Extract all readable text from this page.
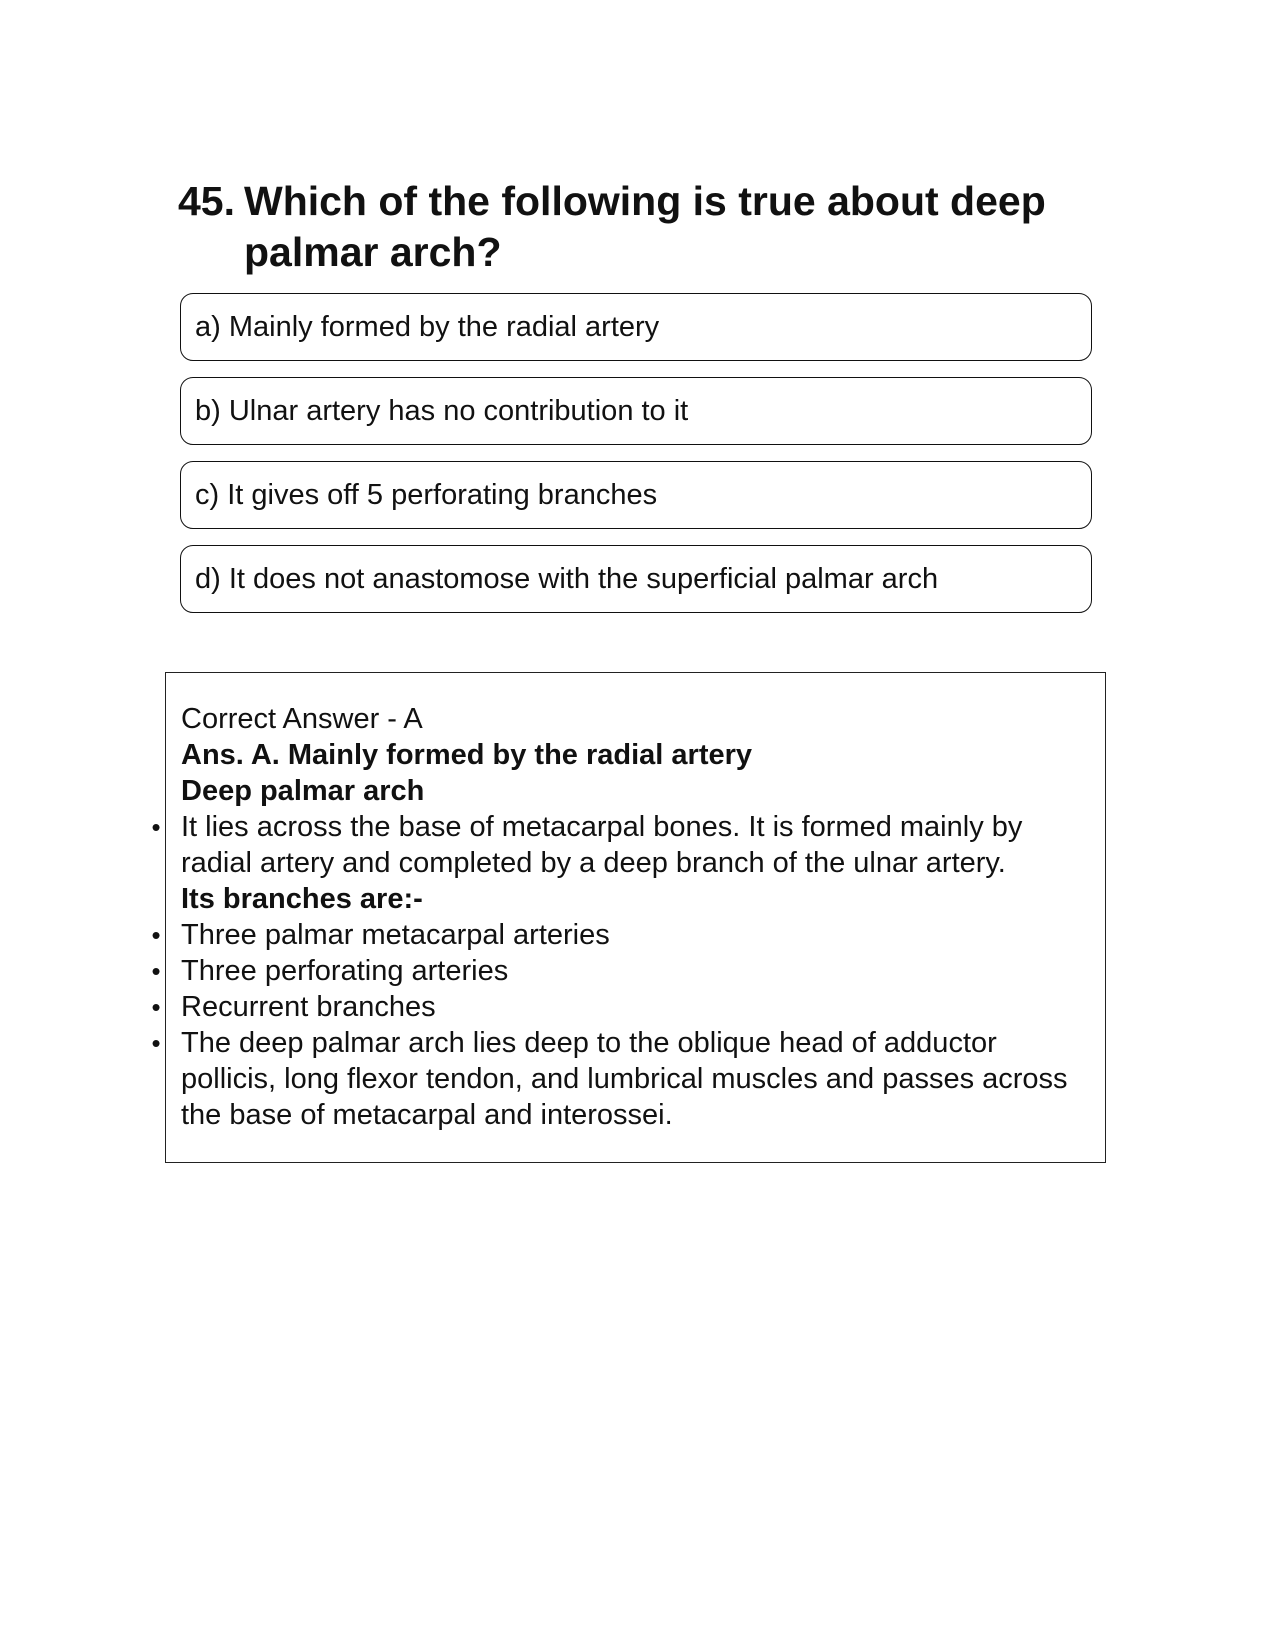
45. Which of the following is true about deep palmar arch?
a) Mainly formed by the radial artery
b) Ulnar artery has no contribution to it
c) It gives off 5 perforating branches
d) It does not anastomose with the superficial palmar arch

Correct Answer - A

Ans. A. Mainly formed by the radial artery

Deep palmar arch

• It lies across the base of metacarpal bones. It is formed mainly by radial artery and completed by a deep branch of the ulnar artery.

Its branches are:-

• Three palmar metacarpal arteries
• Three perforating arteries
• Recurrent branches
• The deep palmar arch lies deep to the oblique head of adductor pollicis, long flexor tendon, and lumbrical muscles and passes across the base of metacarpal and interossei.
